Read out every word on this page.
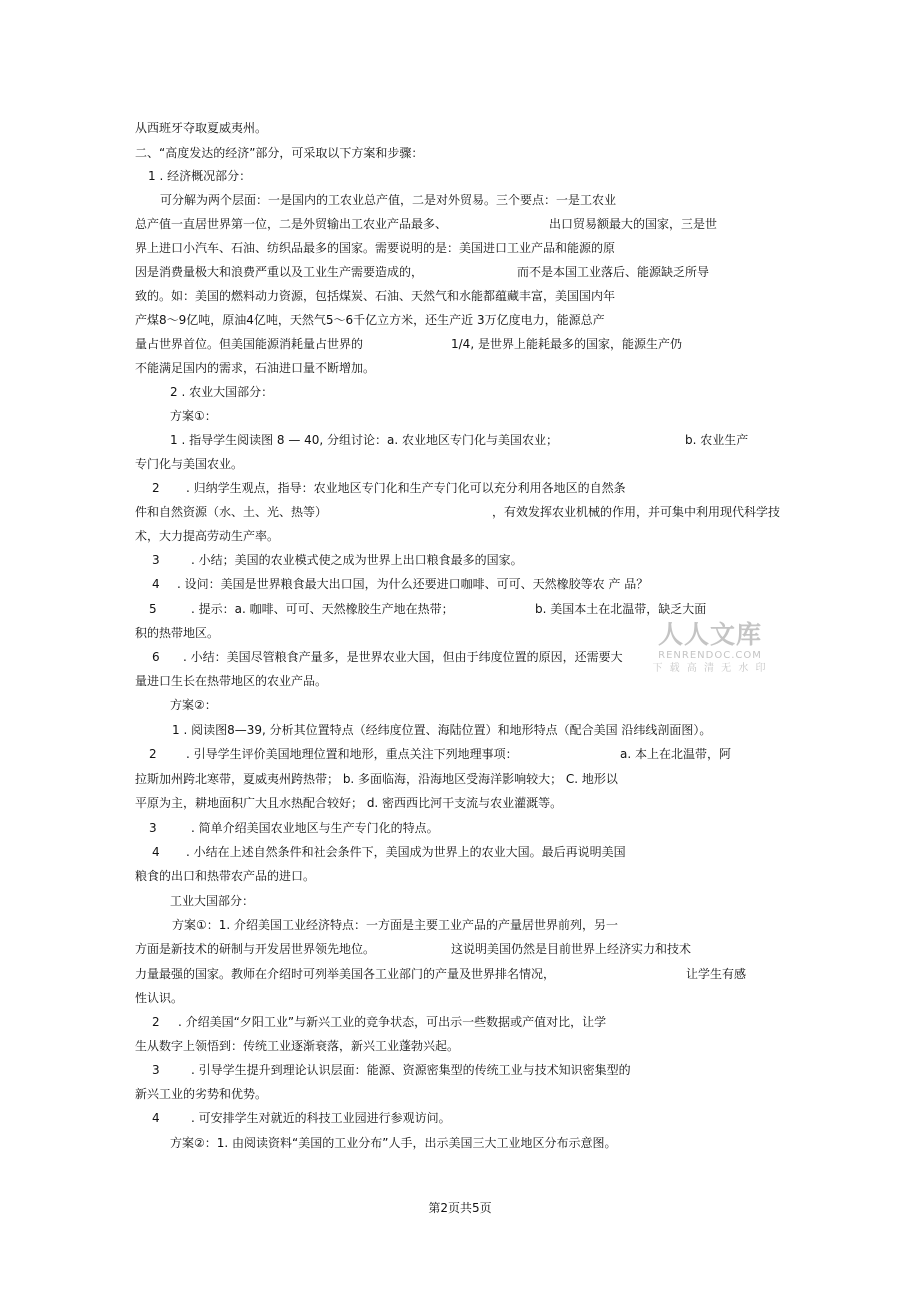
从西班牙夺取夏威夷州。
二、“高度发达的经济”部分，可采取以下方案和步骤：
1 . 经济概况部分：
可分解为两个层面：一是国内的工农业总产值，二是对外贸易。三个要点：一是工农业
总产值一直居世界第一位，二是外贸输出工农业产品最多、	出口贸易额最大的国家，三是世
界上进口小汽车、石油、纺织品最多的国家。需要说明的是：美国进口工业产品和能源的原
因是消费量极大和浪费严重以及工业生产需要造成的，	而不是本国工业落后、能源缺乏所导
致的。如：美国的燃料动力资源，包括煤炭、石油、天然气和水能都蕴藏丰富，美国国内年
产煤8～9亿吨，原油4亿吨，天然气5～6千亿立方米，还生产近 3万亿度电力，能源总产
量占世界首位。但美国能源消耗量占世界的	1/4, 是世界上能耗最多的国家，能源生产仍
不能满足国内的需求，石油进口量不断增加。
2 . 农业大国部分：
方案①：
1 . 指导学生阅读图 8 — 40, 分组讨论：a. 农业地区专门化与美国农业；	b. 农业生产
专门化与美国农业。
2 . 归纳学生观点，指导：农业地区专门化和生产专门化可以充分利用各地区的自然条
件和自然资源（水、土、光、热等）	，有效发挥农业机械的作用，并可集中利用现代科学技
术，大力提高劳动生产率。
3	. 小结；美国的农业模式使之成为世界上出口粮食最多的国家。
4 . 设问：美国是世界粮食最大出口国，为什么还要进口咖啡、可可、天然橡胶等农 产 品？
5	. 提示：a. 咖啡、可可、天然橡胶生产地在热带；	b. 美国本土在北温带，缺乏大面
积的热带地区。
6 . 小结：美国尽管粮食产量多，是世界农业大国，但由于纬度位置的原因，还需要大
量进口生长在热带地区的农业产品。
方案②：
1 . 阅读图8—39, 分析其位置特点（经纬度位置、海陆位置）和地形特点（配合美国 沿纬线剖面图）。
2 . 引导学生评价美国地理位置和地形，重点关注下列地理事项：	a. 本上在北温带，阿
拉斯加州跨北寒带，夏威夷州跨热带； b. 多面临海，沿海地区受海洋影响较大； C. 地形以
平原为主，耕地面积广大且水热配合较好； d. 密西西比河干支流与农业灌溉等。
3	. 简单介绍美国农业地区与生产专门化的特点。
4 . 小结在上述自然条件和社会条件下，美国成为世界上的农业大国。最后再说明美国
粮食的出口和热带农产品的进口。
工业大国部分：
方案①：1. 介绍美国工业经济特点：一方面是主要工业产品的产量居世界前列，另一
方面是新技术的研制与开发居世界领先地位。	这说明美国仍然是目前世界上经济实力和技术
力量最强的国家。教师在介绍时可列举美国各工业部门的产量及世界排名情况，	让学生有感
性认识。
2 . 介绍美国“夕阳工业”与新兴工业的竞争状态，可出示一些数据或产值对比，让学
生从数字上领悟到：传统工业逐渐衰落，新兴工业蓬勃兴起。
3	. 引导学生提升到理论认识层面：能源、资源密集型的传统工业与技术知识密集型的
新兴工业的劣势和优势。
4	. 可安排学生对就近的科技工业园进行参观访问。
方案②：1. 由阅读资料“美国的工业分布”人手，出示美国三大工业地区分布示意图。
人人文库
RENRENDOC.COM
下 载 高 清 无 水 印
第2页共5页
